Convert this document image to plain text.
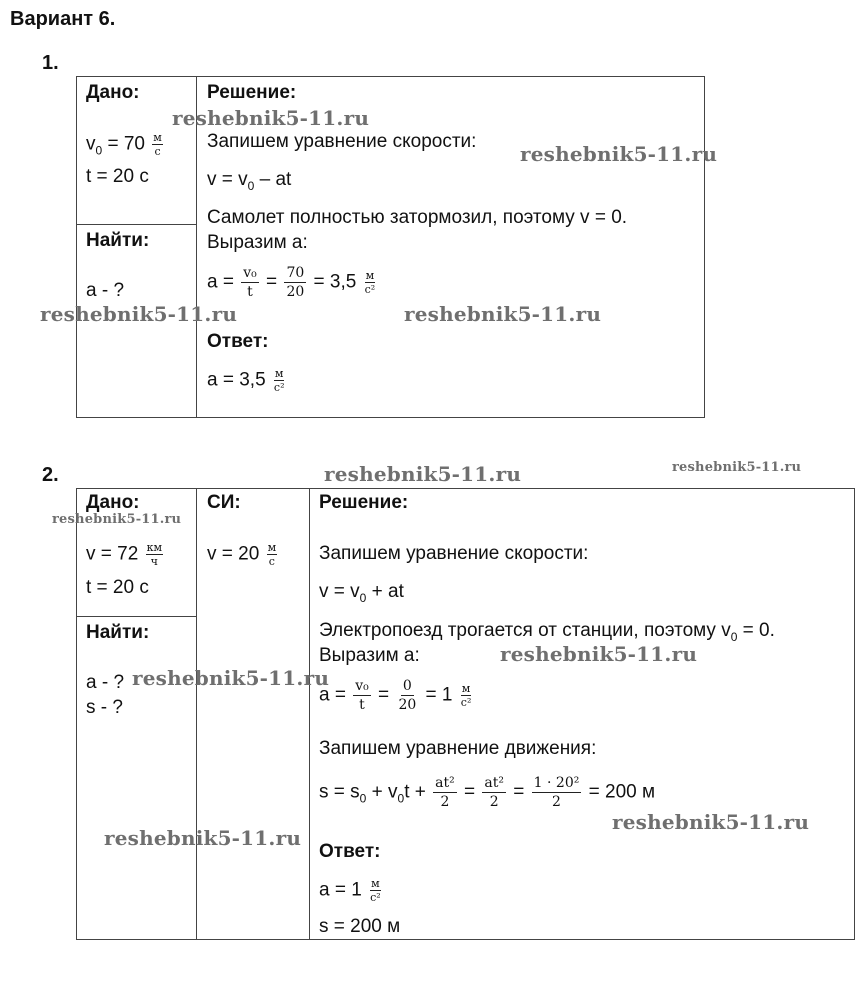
Вариант 6.
1.
Дано:
$v_0 = 70 \frac{м}{с}$
t = 20 с
Найти:
a - ?
Решение:
Запишем уравнение скорости:
$v = v_0$ – at
Самолет полностью затормозил, поэтому v = 0.
Выразим a:
$a = \frac{\text{v₀}}{t} = \frac{70}{20} = 3,5 \frac{м}{\text{с²}}$
Ответ:
$a = 3,5 \frac{м}{\text{с²}}$
2.
Дано:
$v = 72 \frac{км}{ч}$
t = 20 с
Найти:
a - ?
s - ?
СИ:
$v = 20 \frac{м}{с}$
Решение:
Запишем уравнение скорости:
$v = v_0$ + at
Электропоезд трогается от станции, поэтому $v_0 = 0$.
Выразим a:
$a = \frac{\text{v₀}}{t} = \frac{0}{20} = 1 \frac{м}{\text{с²}}$
Запишем уравнение движения:
$s = s_0 + v_0t + \frac{\text{at²}}{2} = \frac{\text{at²}}{2} = \frac{\text{1 · 20²}}{2} = 200$ м
Ответ:
$a = 1 \frac{м}{\text{с²}}$
s = 200 м
reshebnik5-11.ru
reshebnik5-11.ru
reshebnik5-11.ru	reshebnik5-11.ru
reshebnik5-11.ru	reshebnik5-11.ru
reshebnik5-11.ru
reshebnik5-11.ru
reshebnik5-11.ru
reshebnik5-11.ru
reshebnik5-11.ru
